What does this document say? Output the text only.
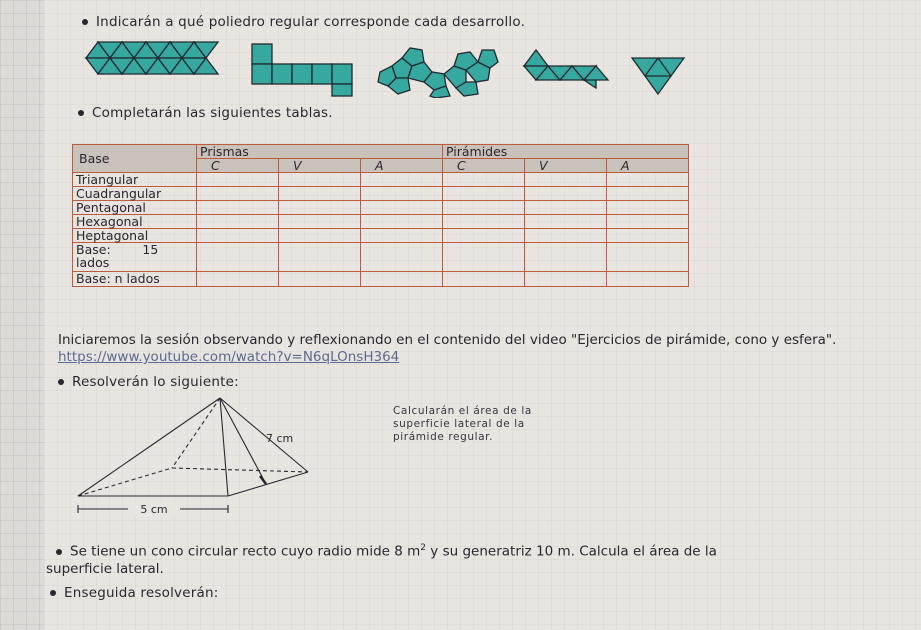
Indicarán a qué poliedro regular corresponde cada desarrollo.
Completarán las siguientes tablas.
Base	Prismas			Pirámides		
	C	V	A	C	V	A
Triangular						
Cuadrangular						
Pentagonal						
Hexagonal						
Heptagonal						
Base:        15 lados						
Base: n lados						
Iniciaremos la sesión observando y reflexionando en el contenido del video "Ejercicios de pirámide, cono y esfera". https://www.youtube.com/watch?v=N6qLOnsH364
Resolverán lo siguiente:
5 cm
7 cm
Calcularán el área de la superficie lateral de la pirámide regular.
Se tiene un cono circular recto cuyo radio mide 8 $m^2$ y su generatriz 10 m. Calcula el área de la
superficie lateral.
Enseguida resolverán:
